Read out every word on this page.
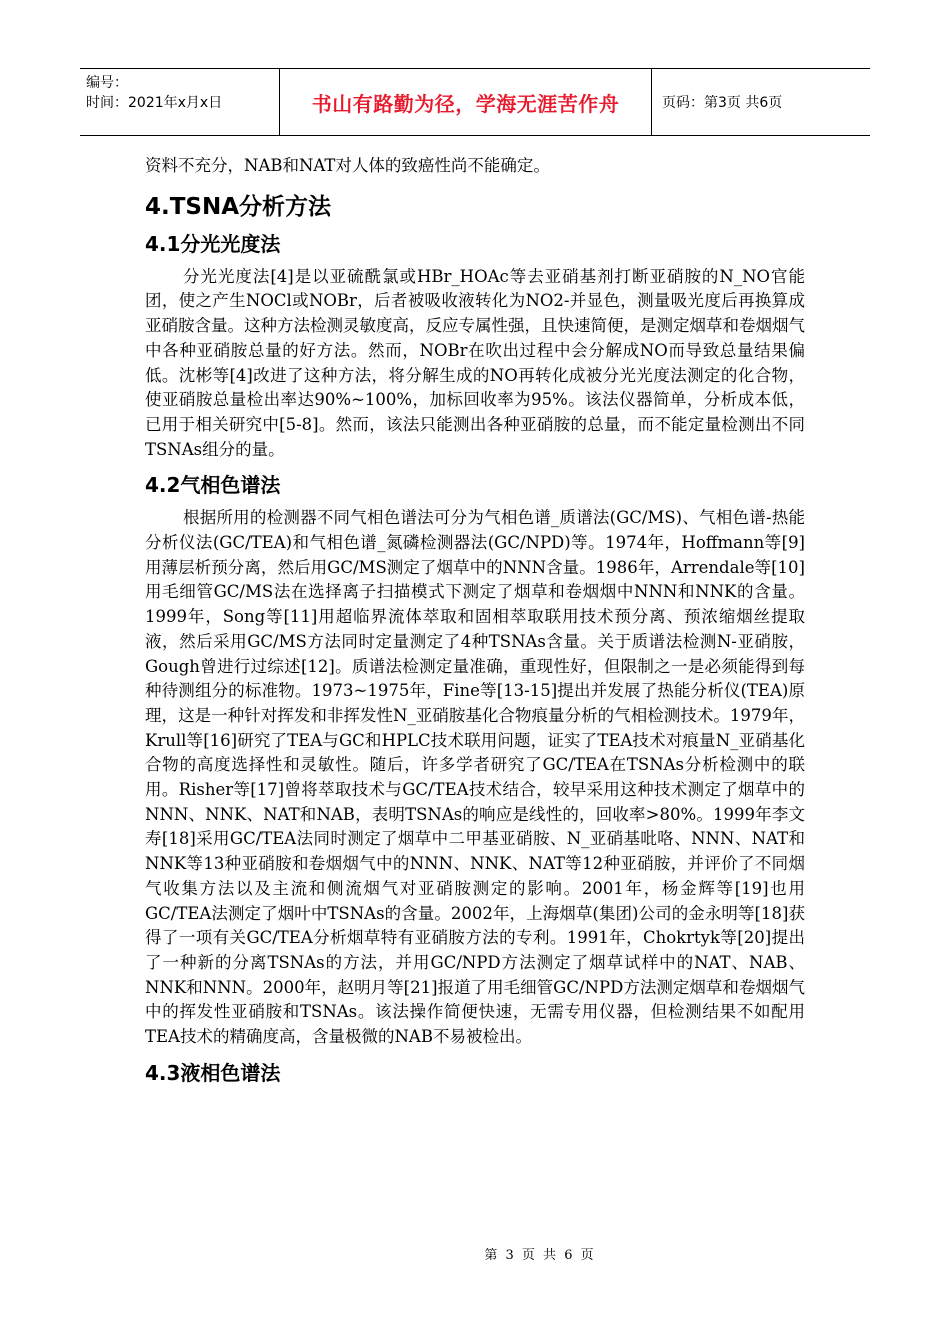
编号：
时间：2021年x月x日	书山有路勤为径，学海无涯苦作舟	页码：第3页 共6页

资料不充分，NAB和NAT对人体的致癌性尚不能确定。

4.TSNA分析方法
4.1分光光度法

分光光度法[4]是以亚硫酰氯或HBr_HOAc等去亚硝基剂打断亚硝胺的N_NO官能团，使之产生NOCl或NOBr，后者被吸收液转化为NO2-并显色，测量吸光度后再换算成亚硝胺含量。这种方法检测灵敏度高，反应专属性强，且快速简便，是测定烟草和卷烟烟气中各种亚硝胺总量的好方法。然而，NOBr在吹出过程中会分解成NO而导致总量结果偏低。沈彬等[4]改进了这种方法，将分解生成的NO再转化成被分光光度法测定的化合物，使亚硝胺总量检出率达90%~100%，加标回收率为95%。该法仪器简单，分析成本低，已用于相关研究中[5-8]。然而，该法只能测出各种亚硝胺的总量，而不能定量检测出不同TSNAs组分的量。

4.2气相色谱法

根据所用的检测器不同气相色谱法可分为气相色谱_质谱法(GC/MS)、气相色谱-热能分析仪法(GC/TEA)和气相色谱_氮磷检测器法(GC/NPD)等。1974年，Hoffmann等[9]用薄层析预分离，然后用GC/MS测定了烟草中的NNN含量。1986年，Arrendale等[10]用毛细管GC/MS法在选择离子扫描模式下测定了烟草和卷烟烟中NNN和NNK的含量。1999年，Song等[11]用超临界流体萃取和固相萃取联用技术预分离、预浓缩烟丝提取液，然后采用GC/MS方法同时定量测定了4种TSNAs含量。关于质谱法检测N-亚硝胺，Gough曾进行过综述[12]。质谱法检测定量准确，重现性好，但限制之一是必须能得到每种待测组分的标准物。1973~1975年，Fine等[13-15]提出并发展了热能分析仪(TEA)原理，这是一种针对挥发和非挥发性N_亚硝胺基化合物痕量分析的气相检测技术。1979年，Krull等[16]研究了TEA与GC和HPLC技术联用问题，证实了TEA技术对痕量N_亚硝基化合物的高度选择性和灵敏性。随后，许多学者研究了GC/TEA在TSNAs分析检测中的联用。Risher等[17]曾将萃取技术与GC/TEA技术结合，较早采用这种技术测定了烟草中的NNN、NNK、NAT和NAB，表明TSNAs的响应是线性的，回收率>80%。1999年李文寿[18]采用GC/TEA法同时测定了烟草中二甲基亚硝胺、N_亚硝基吡咯、NNN、NAT和NNK等13种亚硝胺和卷烟烟气中的NNN、NNK、NAT等12种亚硝胺，并评价了不同烟气收集方法以及主流和侧流烟气对亚硝胺测定的影响。2001年，杨金辉等[19]也用GC/TEA法测定了烟叶中TSNAs的含量。2002年，上海烟草(集团)公司的金永明等[18]获得了一项有关GC/TEA分析烟草特有亚硝胺方法的专利。1991年，Chokrtyk等[20]提出了一种新的分离TSNAs的方法，并用GC/NPD方法测定了烟草试样中的NAT、NAB、NNK和NNN。2000年，赵明月等[21]报道了用毛细管GC/NPD方法测定烟草和卷烟烟气中的挥发性亚硝胺和TSNAs。该法操作简便快速，无需专用仪器，但检测结果不如配用TEA技术的精确度高，含量极微的NAB不易被检出。

4.3液相色谱法
第 3 页 共 6 页
